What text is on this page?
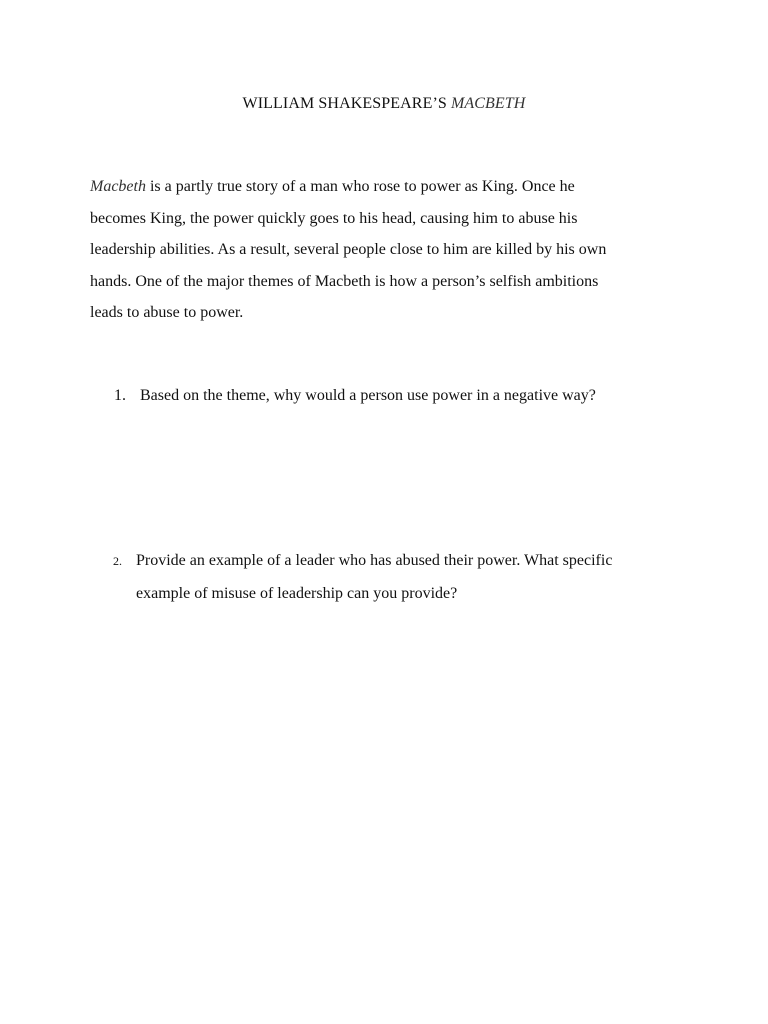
WILLIAM SHAKESPEARE’S MACBETH
Macbeth is a partly true story of a man who rose to power as King. Once he
becomes King, the power quickly goes to his head, causing him to abuse his
leadership abilities. As a result, several people close to him are killed by his own
hands. One of the major themes of Macbeth is how a person’s selfish ambitions
leads to abuse to power.
1. Based on the theme, why would a person use power in a negative way?
2. Provide an example of a leader who has abused their power. What specific
example of misuse of leadership can you provide?
